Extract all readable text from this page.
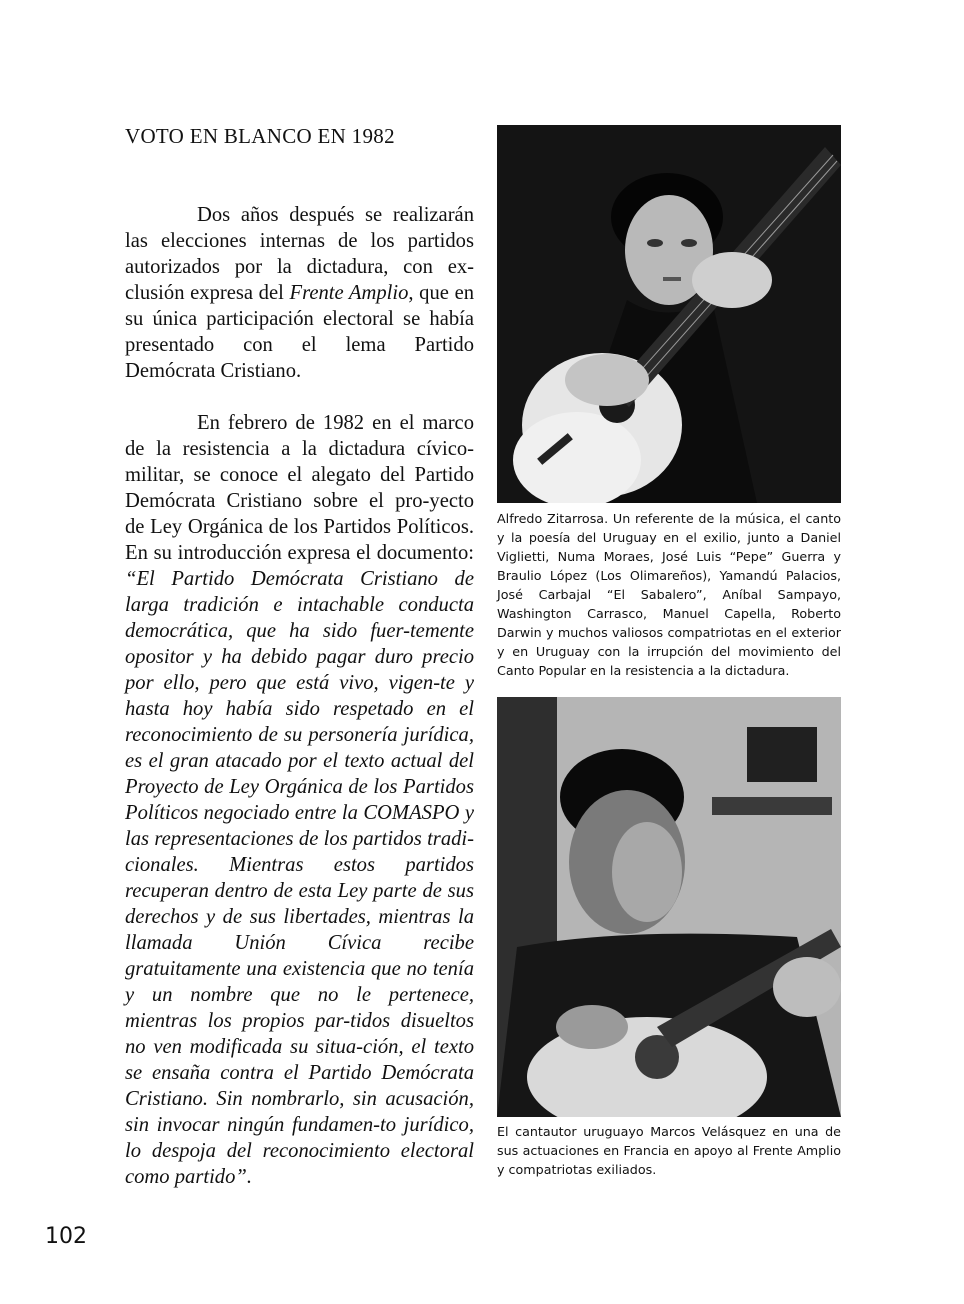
VOTO EN BLANCO EN 1982

Dos años después se realizarán las elecciones internas de los partidos autorizados por la dictadura, con ex-clusión expresa del Frente Amplio, que en su única participación electoral se había presentado con el lema Partido Demócrata Cristiano.

En febrero de 1982 en el marco de la resistencia a la dictadura cívico-militar, se conoce el alegato del Partido Demócrata Cristiano sobre el pro-yecto de Ley Orgánica de los Partidos Políticos. En su introducción expresa el documento: “El Partido Demócrata Cristiano de larga tradición e intachable conducta democrática, que ha sido fuer-temente opositor y ha debido pagar duro precio por ello, pero que está vivo, vigen-te y hasta hoy había sido respetado en el reconocimiento de su personería jurídica, es el gran atacado por el texto actual del Proyecto de Ley Orgánica de los Partidos Políticos negociado entre la COMASPO y las representaciones de los partidos tradi-cionales. Mientras estos partidos recuperan dentro de esta Ley parte de sus derechos y de sus libertades, mientras la llamada Unión Cívica recibe gratuitamente una existencia que no tenía y un nombre que no le pertenece, mientras los propios par-tidos disueltos no ven modificada su situa-ción, el texto se ensaña contra el Partido Demócrata Cristiano. Sin nombrarlo, sin acusación, sin invocar ningún fundamen-to jurídico, lo despoja del reconocimiento electoral como partido”.

Alfredo Zitarrosa. Un referente de la música, el canto y la poesía del Uruguay en el exilio, junto a Daniel Viglietti, Numa Moraes, José Luis “Pepe” Guerra y Braulio López (Los Olimareños), Yamandú Palacios, José Carbajal “El Sabalero”, Aníbal Sampayo, Washington Carrasco, Manuel Capella, Roberto Darwin y muchos valiosos compatriotas en el exterior y en Uruguay con la irrupción del movimiento del Canto Popular en la resistencia a la dictadura.

El cantautor uruguayo Marcos Velásquez en una de sus actuaciones en Francia en apoyo al Frente Amplio y compatriotas exiliados.

102
